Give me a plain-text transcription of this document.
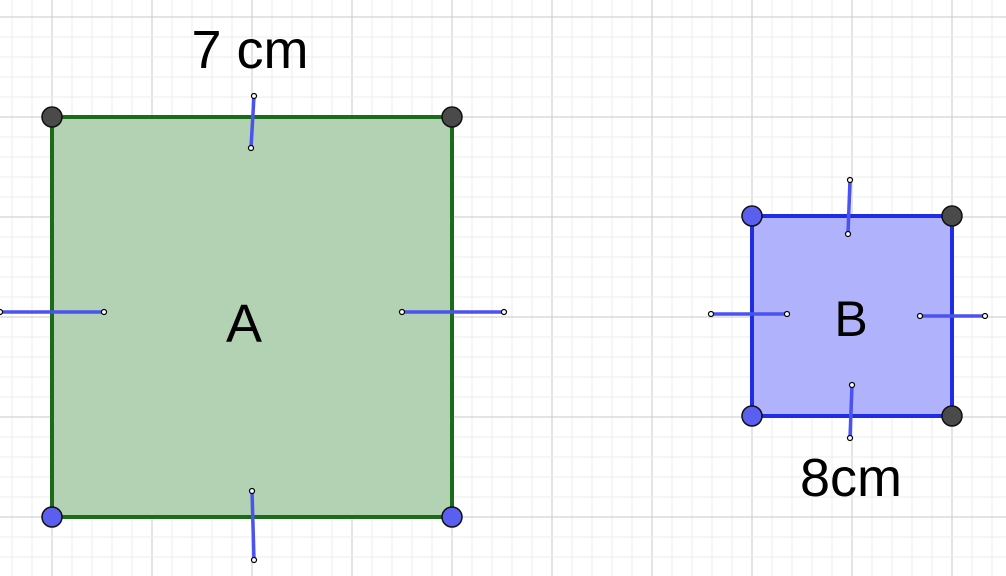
A
7 cm
B
8cm
